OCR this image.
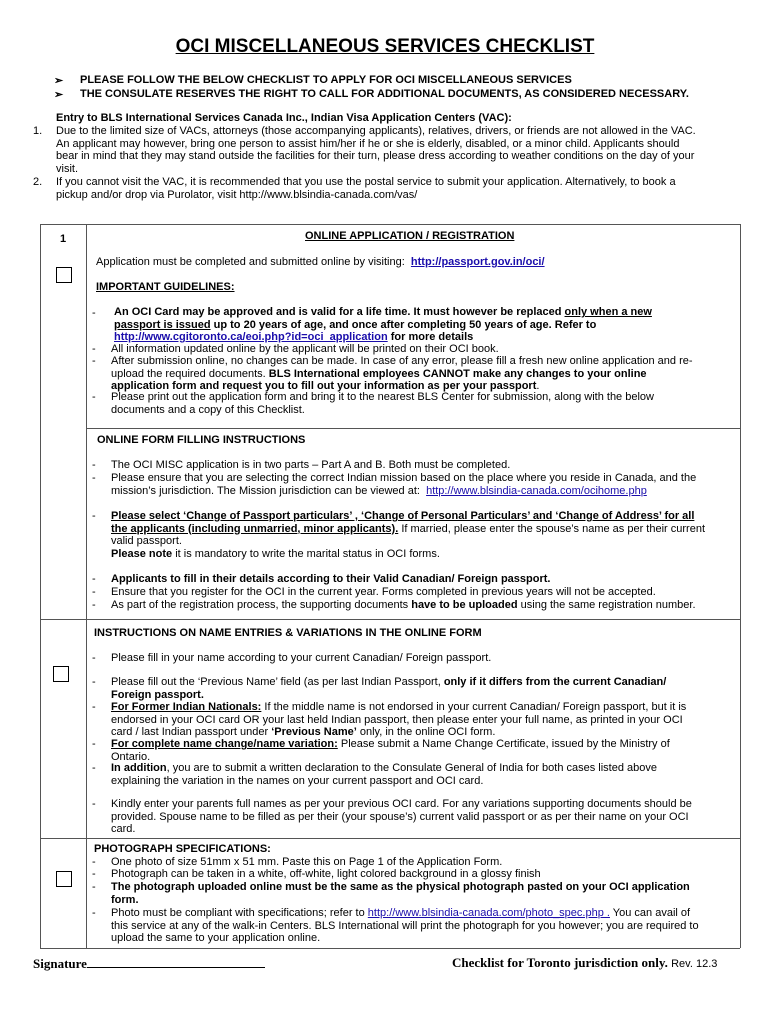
OCI MISCELLANEOUS SERVICES CHECKLIST
➢ PLEASE FOLLOW THE BELOW CHECKLIST TO APPLY FOR OCI MISCELLANEOUS SERVICES
➢ THE CONSULATE RESERVES THE RIGHT TO CALL FOR ADDITIONAL DOCUMENTS, AS CONSIDERED NECESSARY.
Entry to BLS International Services Canada Inc., Indian Visa Application Centers (VAC):
1. Due to the limited size of VACs, attorneys (those accompanying applicants), relatives, drivers, or friends are not allowed in the VAC.
An applicant may however, bring one person to assist him/her if he or she is elderly, disabled, or a minor child. Applicants should
bear in mind that they may stand outside the facilities for their turn, please dress according to weather conditions on the day of your
visit.
2. If you cannot visit the VAC, it is recommended that you use the postal service to submit your application. Alternatively, to book a
pickup and/or drop via Purolator, visit http://www.blsindia-canada.com/vas/
1	ONLINE APPLICATION / REGISTRATION
Application must be completed and submitted online by visiting: http://passport.gov.in/oci/
IMPORTANT GUIDELINES:
- An OCI Card may be approved and is valid for a life time. It must however be replaced only when a new
passport is issued up to 20 years of age, and once after completing 50 years of age. Refer to
http://www.cgitoronto.ca/eoi.php?id=oci_application for more details
- All information updated online by the applicant will be printed on their OCI book.
- After submission online, no changes can be made. In case of any error, please fill a fresh new online application and re-
upload the required documents. BLS International employees CANNOT make any changes to your online
application form and request you to fill out your information as per your passport.
- Please print out the application form and bring it to the nearest BLS Center for submission, along with the below
documents and a copy of this Checklist.
ONLINE FORM FILLING INSTRUCTIONS
- The OCI MISC application is in two parts – Part A and B. Both must be completed.
- Please ensure that you are selecting the correct Indian mission based on the place where you reside in Canada, and the
mission’s jurisdiction. The Mission jurisdiction can be viewed at: http://www.blsindia-canada.com/ocihome.php
- Please select ‘Change of Passport particulars’ , ‘Change of Personal Particulars’ and ‘Change of Address’ for all
the applicants (including unmarried, minor applicants). If married, please enter the spouse’s name as per their current
valid passport.
Please note it is mandatory to write the marital status in OCI forms.
- Applicants to fill in their details according to their Valid Canadian/ Foreign passport.
- Ensure that you register for the OCI in the current year. Forms completed in previous years will not be accepted.
- As part of the registration process, the supporting documents have to be uploaded using the same registration number.
INSTRUCTIONS ON NAME ENTRIES & VARIATIONS IN THE ONLINE FORM
- Please fill in your name according to your current Canadian/ Foreign passport.
- Please fill out the ‘Previous Name’ field (as per last Indian Passport, only if it differs from the current Canadian/
Foreign passport.
- For Former Indian Nationals: If the middle name is not endorsed in your current Canadian/ Foreign passport, but it is
endorsed in your OCI card OR your last held Indian passport, then please enter your full name, as printed in your OCI
card / last Indian passport under ‘Previous Name’ only, in the online OCI form.
- For complete name change/name variation: Please submit a Name Change Certificate, issued by the Ministry of
Ontario.
- In addition, you are to submit a written declaration to the Consulate General of India for both cases listed above
explaining the variation in the names on your current passport and OCI card.
- Kindly enter your parents full names as per your previous OCI card. For any variations supporting documents should be
provided. Spouse name to be filled as per their (your spouse’s) current valid passport or as per their name on your OCI
card.
PHOTOGRAPH SPECIFICATIONS:
- One photo of size 51mm x 51 mm. Paste this on Page 1 of the Application Form.
- Photograph can be taken in a white, off-white, light colored background in a glossy finish
- The photograph uploaded online must be the same as the physical photograph pasted on your OCI application
form.
- Photo must be compliant with specifications; refer to http://www.blsindia-canada.com/photo_spec.php . You can avail of
this service at any of the walk-in Centers. BLS International will print the photograph for you however; you are required to
upload the same to your application online.
Signature	Checklist for Toronto jurisdiction only. Rev. 12.3
